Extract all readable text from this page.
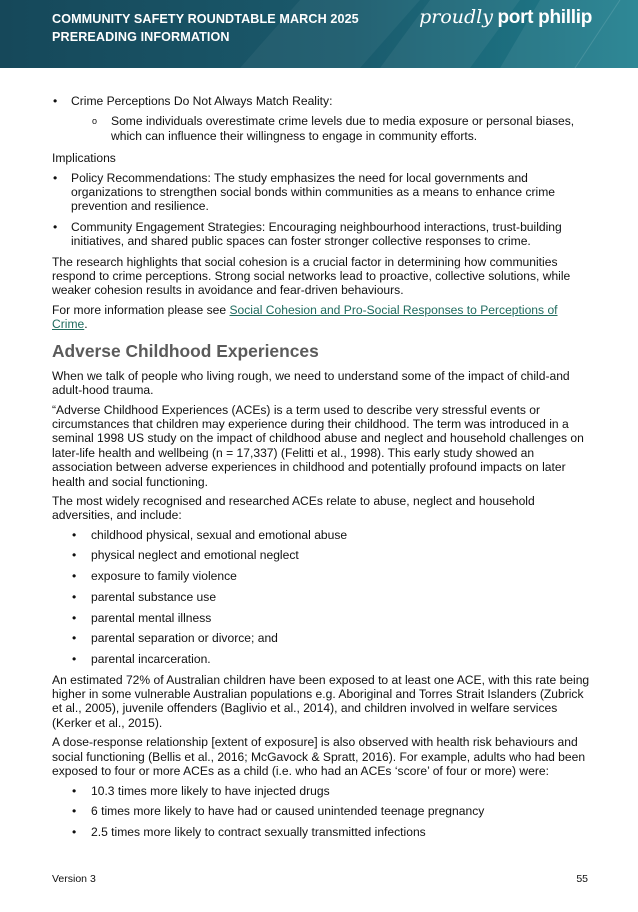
COMMUNITY SAFETY ROUNDTABLE MARCH 2025
PREREADING INFORMATION
proudly port phillip
• Crime Perceptions Do Not Always Match Reality:
o Some individuals overestimate crime levels due to media exposure or personal biases, which can influence their willingness to engage in community efforts.

Implications

• Policy Recommendations: The study emphasizes the need for local governments and organizations to strengthen social bonds within communities as a means to enhance crime prevention and resilience.
• Community Engagement Strategies: Encouraging neighbourhood interactions, trust-building initiatives, and shared public spaces can foster stronger collective responses to crime.

The research highlights that social cohesion is a crucial factor in determining how communities respond to crime perceptions. Strong social networks lead to proactive, collective solutions, while weaker cohesion results in avoidance and fear-driven behaviours.

For more information please see Social Cohesion and Pro-Social Responses to Perceptions of Crime.

Adverse Childhood Experiences

When we talk of people who living rough, we need to understand some of the impact of child-and adult-hood trauma.

“Adverse Childhood Experiences (ACEs) is a term used to describe very stressful events or circumstances that children may experience during their childhood. The term was introduced in a seminal 1998 US study on the impact of childhood abuse and neglect and household challenges on later-life health and wellbeing (n = 17,337) (Felitti et al., 1998). This early study showed an association between adverse experiences in childhood and potentially profound impacts on later health and social functioning.

The most widely recognised and researched ACEs relate to abuse, neglect and household adversities, and include:

• childhood physical, sexual and emotional abuse
• physical neglect and emotional neglect
• exposure to family violence
• parental substance use
• parental mental illness
• parental separation or divorce; and
• parental incarceration.

An estimated 72% of Australian children have been exposed to at least one ACE, with this rate being higher in some vulnerable Australian populations e.g. Aboriginal and Torres Strait Islanders (Zubrick et al., 2005), juvenile offenders (Baglivio et al., 2014), and children involved in welfare services (Kerker et al., 2015).

A dose-response relationship [extent of exposure] is also observed with health risk behaviours and social functioning (Bellis et al., 2016; McGavock & Spratt, 2016). For example, adults who had been exposed to four or more ACEs as a child (i.e. who had an ACEs ‘score’ of four or more) were:

• 10.3 times more likely to have injected drugs
• 6 times more likely to have had or caused unintended teenage pregnancy
• 2.5 times more likely to contract sexually transmitted infections
Version 3	55
